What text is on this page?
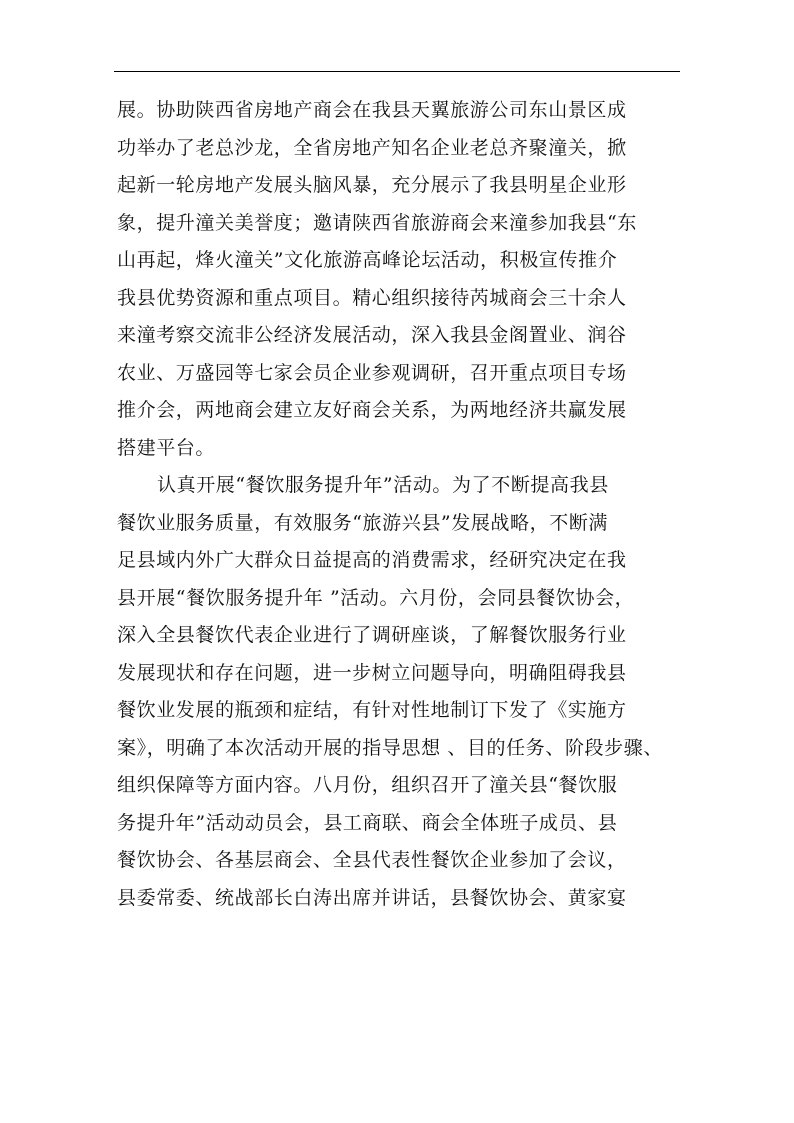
展。协助陕西省房地产商会在我县天翼旅游公司东山景区成
功举办了老总沙龙，全省房地产知名企业老总齐聚潼关，掀
起新一轮房地产发展头脑风暴，充分展示了我县明星企业形
象，提升潼关美誉度；邀请陕西省旅游商会来潼参加我县“东
山再起，烽火潼关”文化旅游高峰论坛活动，积极宣传推介
我县优势资源和重点项目。精心组织接待芮城商会三十余人
来潼考察交流非公经济发展活动，深入我县金阁置业、润谷
农业、万盛园等七家会员企业参观调研，召开重点项目专场
推介会，两地商会建立友好商会关系，为两地经济共赢发展
搭建平台。
认真开展“餐饮服务提升年”活动。为了不断提高我县
餐饮业服务质量，有效服务“旅游兴县”发展战略，不断满
足县域内外广大群众日益提高的消费需求，经研究决定在我
县开展“餐饮服务提升年 ”活动。六月份，会同县餐饮协会，
深入全县餐饮代表企业进行了调研座谈，了解餐饮服务行业
发展现状和存在问题，进一步树立问题导向，明确阻碍我县
餐饮业发展的瓶颈和症结，有针对性地制订下发了《实施方
案》，明确了本次活动开展的指导思想 、目的任务、阶段步骤、
组织保障等方面内容。八月份，组织召开了潼关县“餐饮服
务提升年”活动动员会，县工商联、商会全体班子成员、县
餐饮协会、各基层商会、全县代表性餐饮企业参加了会议，
县委常委、统战部长白涛出席并讲话，县餐饮协会、黄家宴
